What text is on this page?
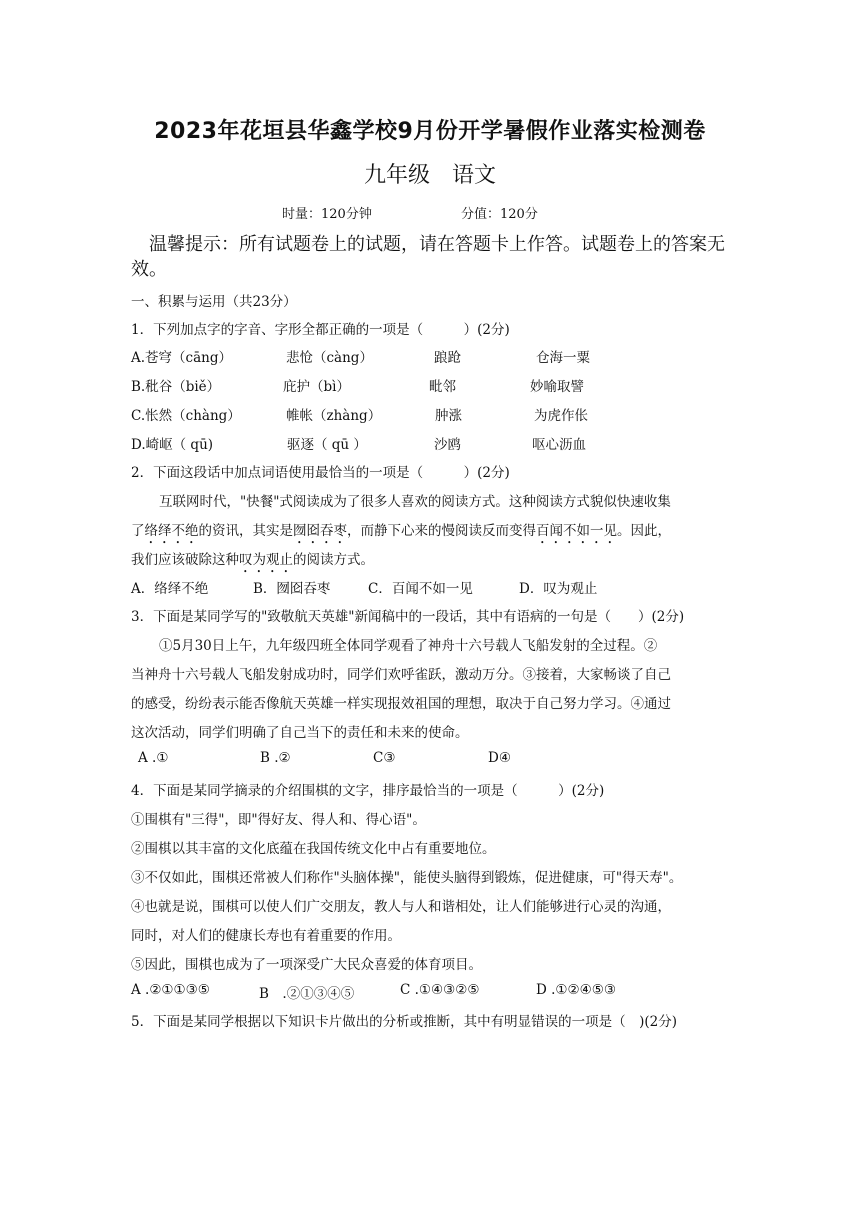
2023年花垣县华鑫学校9月份开学暑假作业落实检测卷
九年级　语文
时量：120分钟	分值：120分
温馨提示：所有试题卷上的试题，请在答题卡上作答。试题卷上的答案无效。
一、积累与运用（共23分）
1．下列加点字的字音、字形全都正确的一项是（　　　）(2分)
A.苍穹（cāng）	悲怆（càng）	踉跄	仓海一粟
B.秕谷（biě）	庇护（bì）	毗邻	妙喻取譬
C.怅然（chàng）	帷帐（zhàng）	肿涨	为虎作伥
D.崎岖（ qū)	驱逐（ qū ）	沙鸥	呕心沥血
2．下面这段话中加点词语使用最恰当的一项是（　　　）(2分)
互联网时代，"快餐"式阅读成为了很多人喜欢的阅读方式。这种阅读方式貌似快速收集
了络绎不绝的资讯，其实是囫囵吞枣，而静下心来的慢阅读反而变得百闻不如一见。因此，
我们应该破除这种叹为观止的阅读方式。
A．络绎不绝	B．囫囵吞枣	C．百闻不如一见	D．叹为观止
3．下面是某同学写的"致敬航天英雄"新闻稿中的一段话，其中有语病的一句是（　　）(2分)
①5月30日上午，九年级四班全体同学观看了神舟十六号载人飞船发射的全过程。②
当神舟十六号载人飞船发射成功时，同学们欢呼雀跃，激动万分。③接着，大家畅谈了自己
的感受，纷纷表示能否像航天英雄一样实现报效祖国的理想，取决于自己努力学习。④通过
这次活动，同学们明确了自己当下的责任和未来的使命。
A .①	B .②	C③	D④
4．下面是某同学摘录的介绍围棋的文字，排序最恰当的一项是（　　　）(2分)
①围棋有"三得"，即"得好友、得人和、得心语"。
②围棋以其丰富的文化底蕴在我国传统文化中占有重要地位。
③不仅如此，围棋还常被人们称作"头脑体操"，能使头脑得到锻炼，促进健康，可"得天寿"。
④也就是说，围棋可以使人们广交朋友，教人与人和谐相处，让人们能够进行心灵的沟通，
同时，对人们的健康长寿也有着重要的作用。
⑤因此，围棋也成为了一项深受广大民众喜爱的体育项目。
A .②①①③⑤	B　.②①③④⑤	C .①④③②⑤	D .①②④⑤③
5．下面是某同学根据以下知识卡片做出的分析或推断，其中有明显错误的一项是（　)(2分)
